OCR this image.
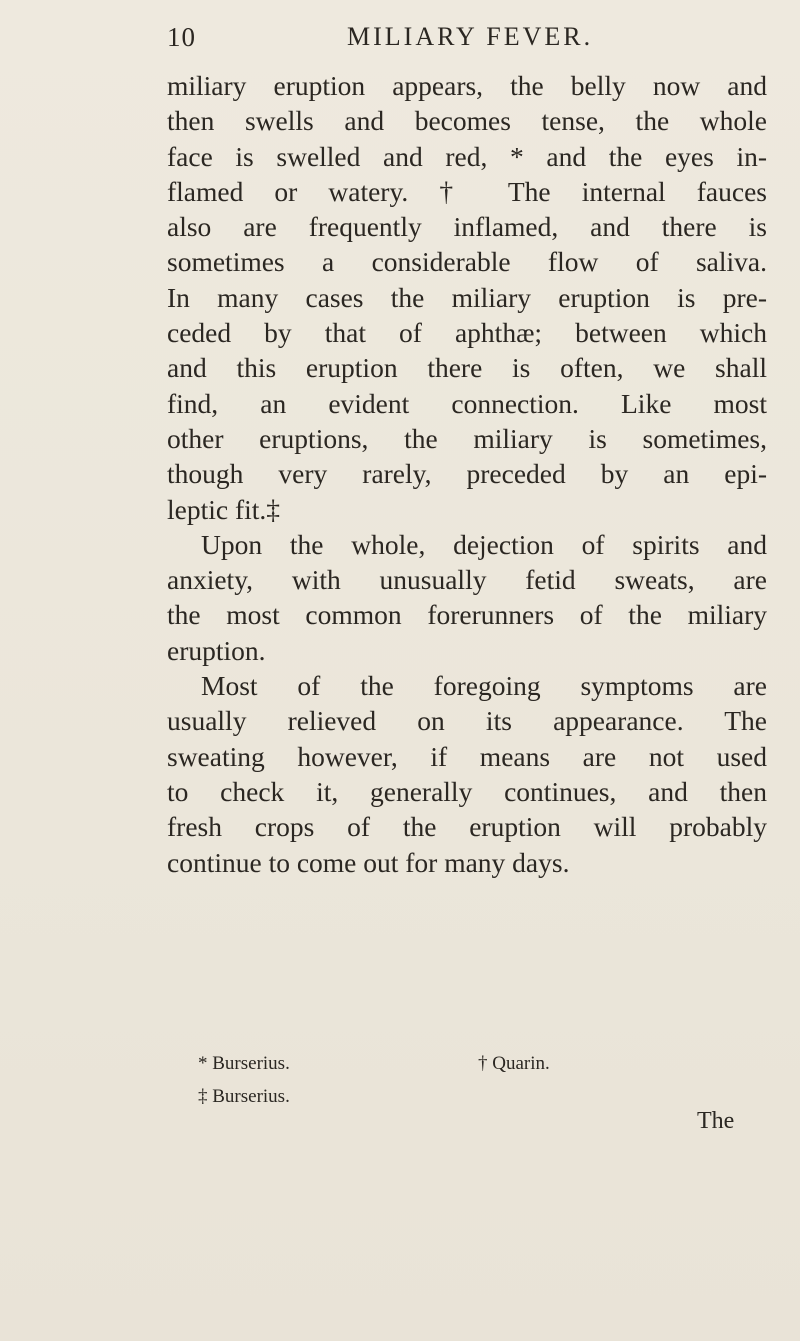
10	MILIARY FEVER.
miliary eruption appears, the belly now and
then swells and becomes tense, the whole
face is swelled and red, * and the eyes in-
flamed or watery. † The internal fauces
also are frequently inflamed, and there is
sometimes a considerable flow of saliva.
In many cases the miliary eruption is pre-
ceded by that of aphthæ; between which
and this eruption there is often, we shall
find, an evident connection. Like most
other eruptions, the miliary is sometimes,
though very rarely, preceded by an epi-
leptic fit.‡
Upon the whole, dejection of spirits and
anxiety, with unusually fetid sweats, are
the most common forerunners of the miliary
eruption.
Most of the foregoing symptoms are
usually relieved on its appearance. The
sweating however, if means are not used
to check it, generally continues, and then
fresh crops of the eruption will probably
continue to come out for many days.
* Burserius.	† Quarin.
‡ Burserius.
The
